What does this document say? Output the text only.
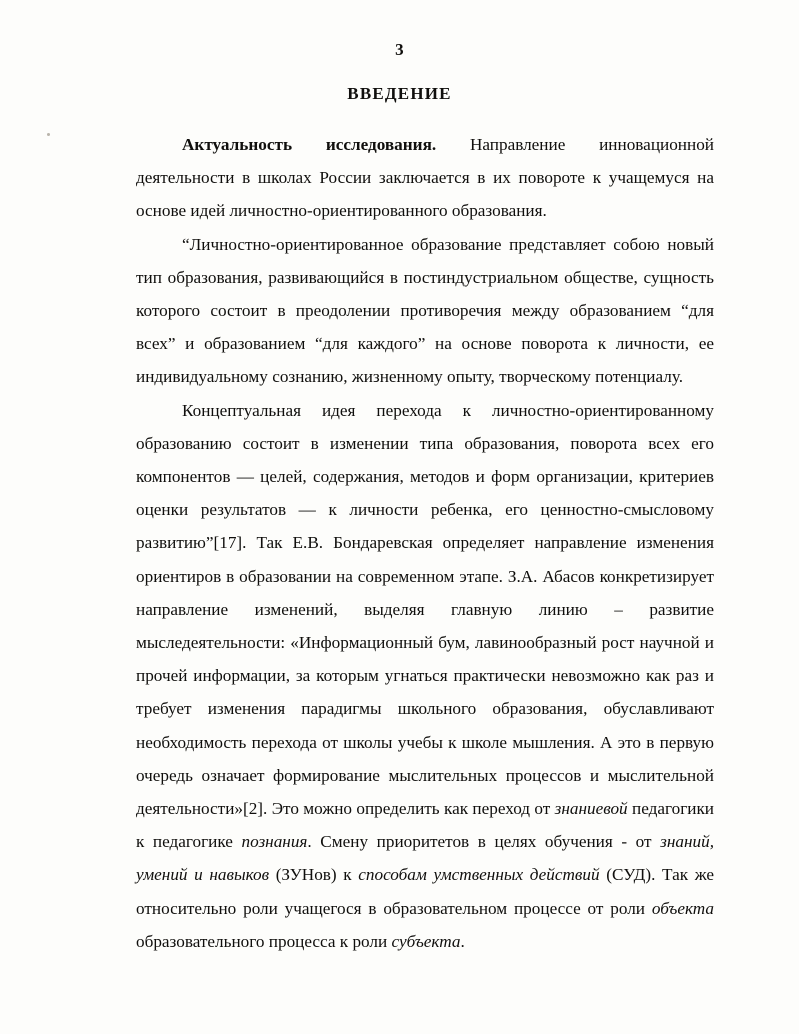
3
ВВЕДЕНИЕ

Актуальность исследования. Направление инновационной деятельности в школах России заключается в их повороте к учащемуся на основе идей личностно-ориентированного образования.

“Личностно-ориентированное образование представляет собою новый тип образования, развивающийся в постиндустриальном обществе, сущность которого состоит в преодолении противоречия между образованием “для всех” и образованием “для каждого” на основе поворота к личности, ее индивидуальному сознанию, жизненному опыту, творческому потенциалу.

Концептуальная идея перехода к личностно-ориентированному образованию состоит в изменении типа образования, поворота всех его компонентов — целей, содержания, методов и форм организации, критериев оценки результатов — к личности ребенка, его ценностно-смысловому развитию”[17]. Так Е.В. Бондаревская определяет направление изменения ориентиров в образовании на современном этапе. З.А. Абасов конкретизирует направление изменений, выделяя главную линию – развитие мыследеятельности: «Информационный бум, лавинообразный рост научной и прочей информации, за которым угнаться практически невозможно как раз и требует изменения парадигмы школьного образования, обуславливают необходимость перехода от школы учебы к школе мышления. А это в первую очередь означает формирование мыслительных процессов и мыслительной деятельности»[2]. Это можно определить как переход от знаниевой педагогики к педагогике познания. Смену приоритетов в целях обучения - от знаний, умений и навыков (ЗУНов) к способам умственных действий (СУД). Так же относительно роли учащегося в образовательном процессе от роли объекта образовательного процесса к роли субъекта.
